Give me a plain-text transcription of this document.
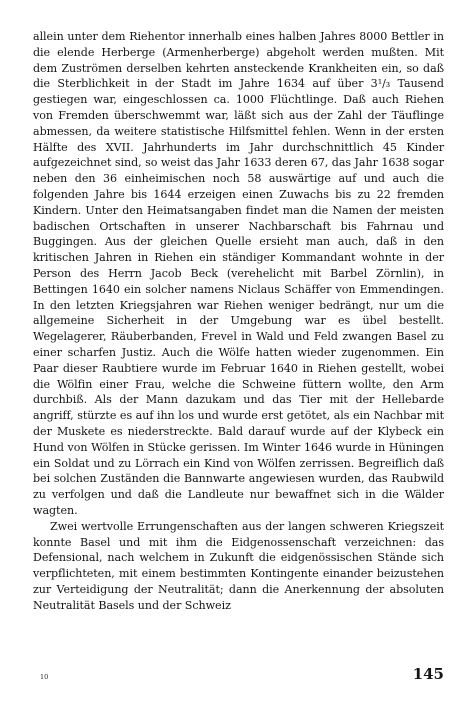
allein unter dem Riehentor innerhalb eines halben Jahres 8000 Bettler in die elende Herberge (Armenherberge) abgeholt werden mußten. Mit dem Zuströmen derselben kehrten ansteckende Krankheiten ein, so daß die Sterblichkeit in der Stadt im Jahre 1634 auf über 3¹/₃ Tausend gestiegen war, eingeschlossen ca. 1000 Flüchtlinge. Daß auch Riehen von Fremden überschwemmt war, läßt sich aus der Zahl der Täuflinge abmessen, da weitere statistische Hilfsmittel fehlen. Wenn in der ersten Hälfte des XVII. Jahrhunderts im Jahr durchschnittlich 45 Kinder aufgezeichnet sind, so weist das Jahr 1633 deren 67, das Jahr 1638 sogar neben den 36 einheimischen noch 58 auswärtige auf und auch die folgenden Jahre bis 1644 erzeigen einen Zuwachs bis zu 22 fremden Kindern. Unter den Heimatsangaben findet man die Namen der meisten badischen Ortschaften in unserer Nachbarschaft bis Fahrnau und Buggingen. Aus der gleichen Quelle ersieht man auch, daß in den kritischen Jahren in Riehen ein ständiger Kommandant wohnte in der Person des Herrn Jacob Beck (verehelicht mit Barbel Zörnlin), in Bettingen 1640 ein solcher namens Niclaus Schäffer von Emmendingen. In den letzten Kriegsjahren war Riehen weniger bedrängt, nur um die allgemeine Sicherheit in der Umgebung war es übel bestellt. Wegelagerer, Räuberbanden, Frevel in Wald und Feld zwangen Basel zu einer scharfen Justiz. Auch die Wölfe hatten wieder zugenommen. Ein Paar dieser Raubtiere wurde im Februar 1640 in Riehen gestellt, wobei die Wölfin einer Frau, welche die Schweine füttern wollte, den Arm durchbiß. Als der Mann dazukam und das Tier mit der Hellebarde angriff, stürzte es auf ihn los und wurde erst getötet, als ein Nachbar mit der Muskete es niederstreckte. Bald darauf wurde auf der Klybeck ein Hund von Wölfen in Stücke gerissen. Im Winter 1646 wurde in Hüningen ein Soldat und zu Lörrach ein Kind von Wölfen zerrissen. Begreiflich daß bei solchen Zuständen die Bannwarte angewiesen wurden, das Raubwild zu verfolgen und daß die Landleute nur bewaffnet sich in die Wälder wagten.

Zwei wertvolle Errungenschaften aus der langen schweren Kriegszeit konnte Basel und mit ihm die Eidgenossenschaft verzeichnen: das Defensional, nach welchem in Zukunft die eidgenössischen Stände sich verpflichteten, mit einem bestimmten Kontingente einander beizustehen zur Verteidigung der Neutralität; dann die Anerkennung der absoluten Neutralität Basels und der Schweiz

10	145
